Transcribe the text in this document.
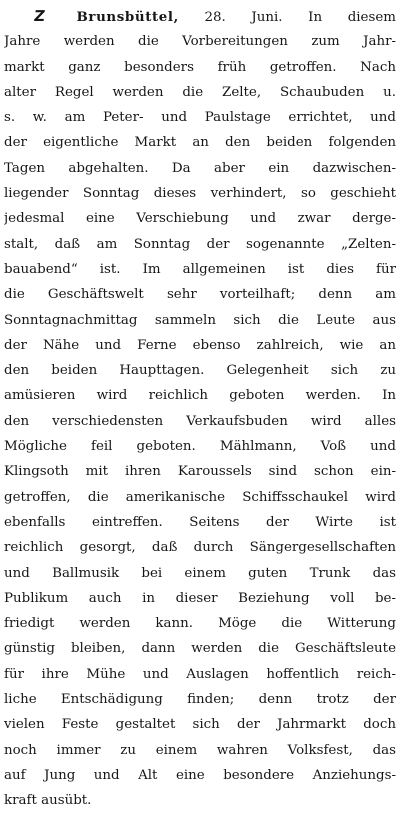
Z Brunsbüttel, 28. Juni. In diesem
Jahre werden die Vorbereitungen zum Jahr-
markt ganz besonders früh getroffen. Nach
alter Regel werden die Zelte, Schaubuden u.
s. w. am Peter- und Paulstage errichtet, und
der eigentliche Markt an den beiden folgenden
Tagen abgehalten. Da aber ein dazwischen-
liegender Sonntag dieses verhindert, so geschieht
jedesmal eine Verschiebung und zwar derge-
stalt, daß am Sonntag der sogenannte „Zelten-
bauabend“ ist. Im allgemeinen ist dies für
die Geschäftswelt sehr vorteilhaft; denn am
Sonntagnachmittag sammeln sich die Leute aus
der Nähe und Ferne ebenso zahlreich, wie an
den beiden Haupttagen. Gelegenheit sich zu
amüsieren wird reichlich geboten werden. In
den verschiedensten Verkaufsbuden wird alles
Mögliche feil geboten. Mählmann, Voß und
Klingsoth mit ihren Karoussels sind schon ein-
getroffen, die amerikanische Schiffsschaukel wird
ebenfalls eintreffen. Seitens der Wirte ist
reichlich gesorgt, daß durch Sängergesellschaften
und Ballmusik bei einem guten Trunk das
Publikum auch in dieser Beziehung voll be-
friedigt werden kann. Möge die Witterung
günstig bleiben, dann werden die Geschäftsleute
für ihre Mühe und Auslagen hoffentlich reich-
liche Entschädigung finden; denn trotz der
vielen Feste gestaltet sich der Jahrmarkt doch
noch immer zu einem wahren Volksfest, das
auf Jung und Alt eine besondere Anziehungs-
kraft ausübt.
